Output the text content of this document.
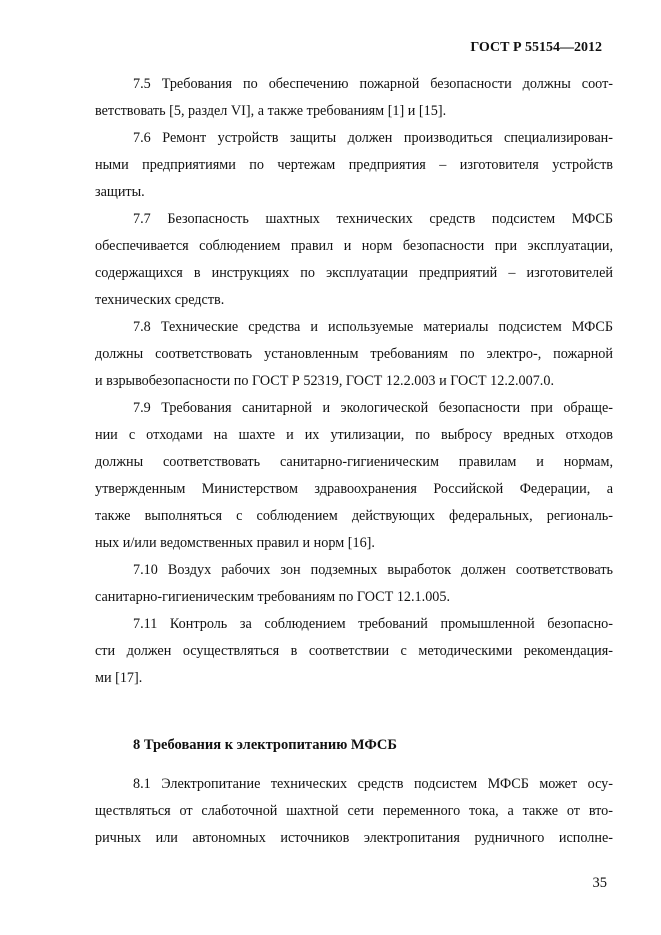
ГОСТ Р 55154—2012

7.5 Требования по обеспечению пожарной безопасности должны соот-
ветствовать [5, раздел VI], а также требованиям [1] и [15].

7.6 Ремонт устройств защиты должен производиться специализирован-
ными предприятиями по чертежам предприятия – изготовителя устройств
защиты.

7.7 Безопасность шахтных технических средств подсистем МФСБ
обеспечивается соблюдением правил и норм безопасности при эксплуатации,
содержащихся в инструкциях по эксплуатации предприятий – изготовителей
технических средств.

7.8 Технические средства и используемые материалы подсистем МФСБ
должны соответствовать установленным требованиям по электро-, пожарной
и взрывобезопасности по ГОСТ Р 52319, ГОСТ 12.2.003 и ГОСТ 12.2.007.0.

7.9 Требования санитарной и экологической безопасности при обраще-
нии с отходами на шахте и их утилизации, по выбросу вредных отходов
должны соответствовать санитарно-гигиеническим правилам и нормам,
утвержденным Министерством здравоохранения Российской Федерации, а
также выполняться с соблюдением действующих федеральных, региональ-
ных и/или ведомственных правил и норм [16].

7.10 Воздух рабочих зон подземных выработок должен соответствовать
санитарно-гигиеническим требованиям по ГОСТ 12.1.005.

7.11 Контроль за соблюдением требований промышленной безопасно-
сти должен осуществляться в соответствии с методическими рекомендация-
ми [17].

8 Требования к электропитанию МФСБ

8.1 Электропитание технических средств подсистем МФСБ может осу-
ществляться от слаботочной шахтной сети переменного тока, а также от вто-
ричных или автономных источников электропитания рудничного исполне-

35
